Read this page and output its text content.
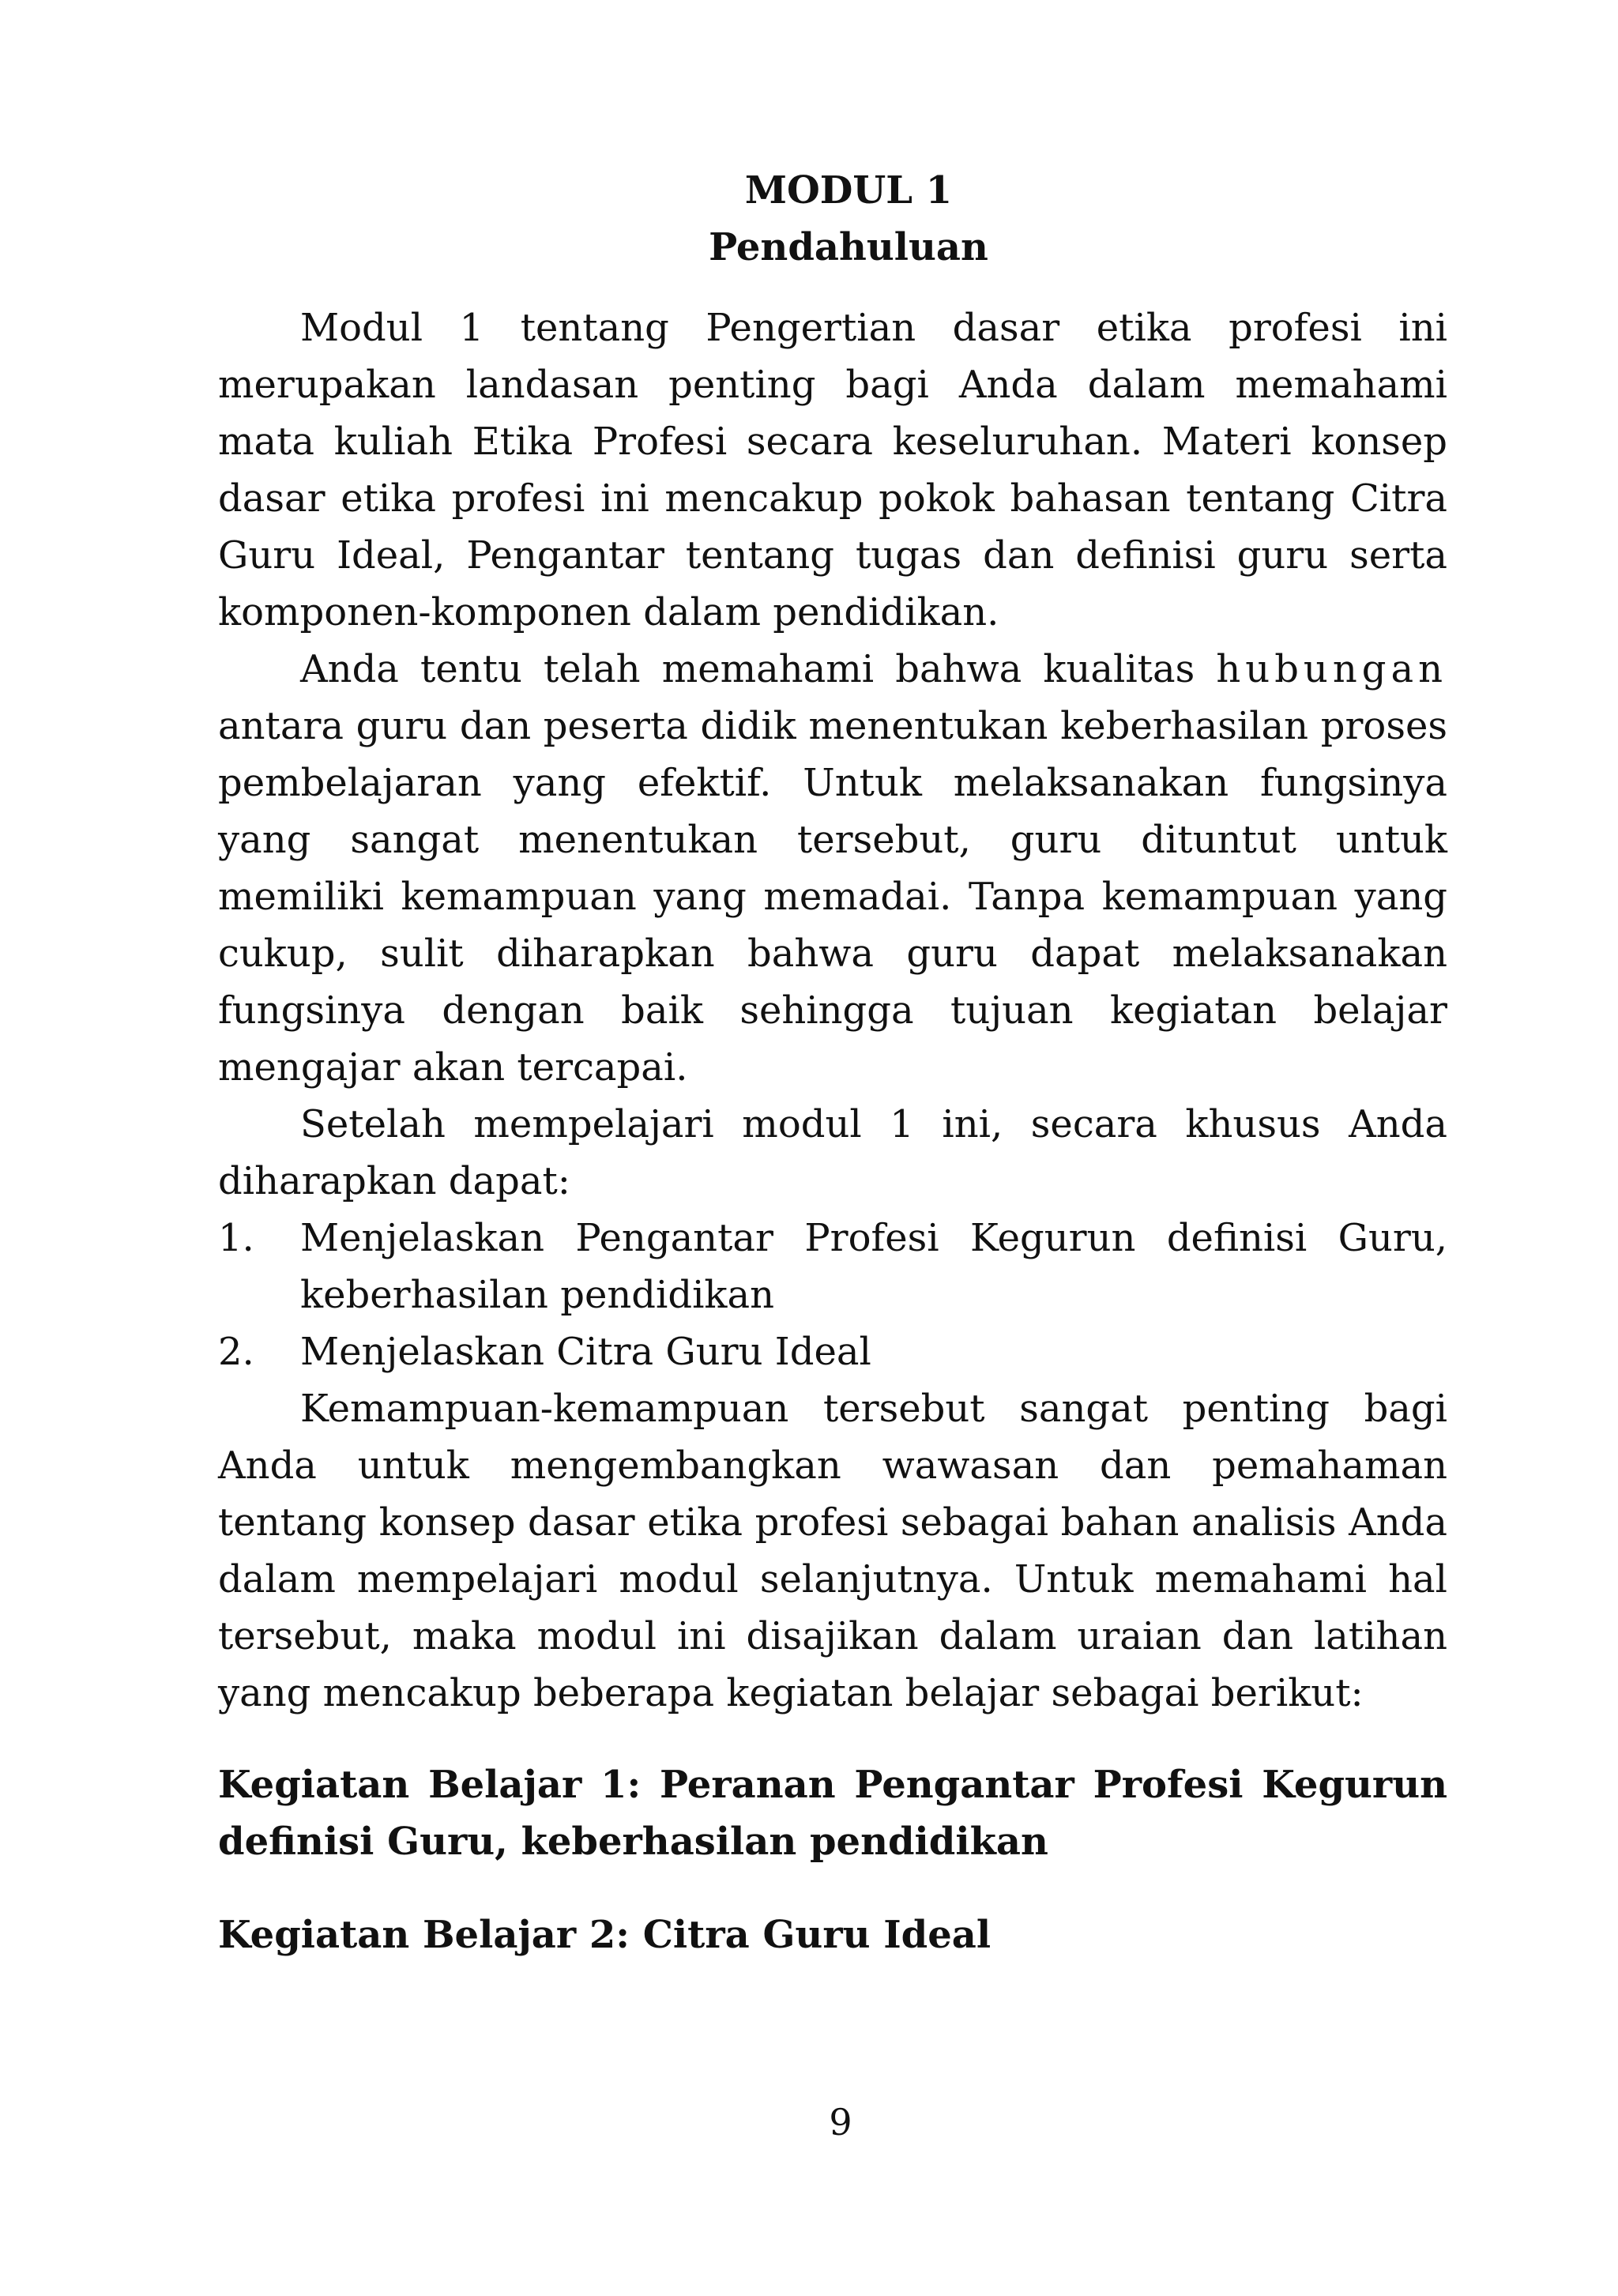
MODUL 1
Pendahuluan

Modul 1 tentang Pengertian dasar etika profesi ini merupakan landasan penting bagi Anda dalam memahami mata kuliah Etika Profesi secara keseluruhan. Materi konsep dasar etika profesi ini mencakup pokok bahasan tentang Citra Guru Ideal, Pengantar tentang tugas dan definisi guru serta komponen-komponen dalam pendidikan.

Anda tentu telah memahami bahwa kualitas hubungan antara guru dan peserta didik menentukan keberhasilan proses pembelajaran yang efektif. Untuk melaksanakan fungsinya yang sangat menentukan tersebut, guru dituntut untuk memiliki kemampuan yang memadai. Tanpa kemampuan yang cukup, sulit diharapkan bahwa guru dapat melaksanakan fungsinya dengan baik sehingga tujuan kegiatan belajar mengajar akan tercapai.

Setelah mempelajari modul 1 ini, secara khusus Anda diharapkan dapat:

1.	Menjelaskan Pengantar Profesi Kegurun definisi Guru, keberhasilan pendidikan
2.	Menjelaskan Citra Guru Ideal

Kemampuan-kemampuan tersebut sangat penting bagi Anda untuk mengembangkan wawasan dan pemahaman tentang konsep dasar etika profesi sebagai bahan analisis Anda dalam mempelajari modul selanjutnya. Untuk memahami hal tersebut, maka modul ini disajikan dalam uraian dan latihan yang mencakup beberapa kegiatan belajar sebagai berikut:

Kegiatan Belajar 1: Peranan Pengantar Profesi Kegurun definisi Guru, keberhasilan pendidikan

Kegiatan Belajar 2: Citra Guru Ideal

9
